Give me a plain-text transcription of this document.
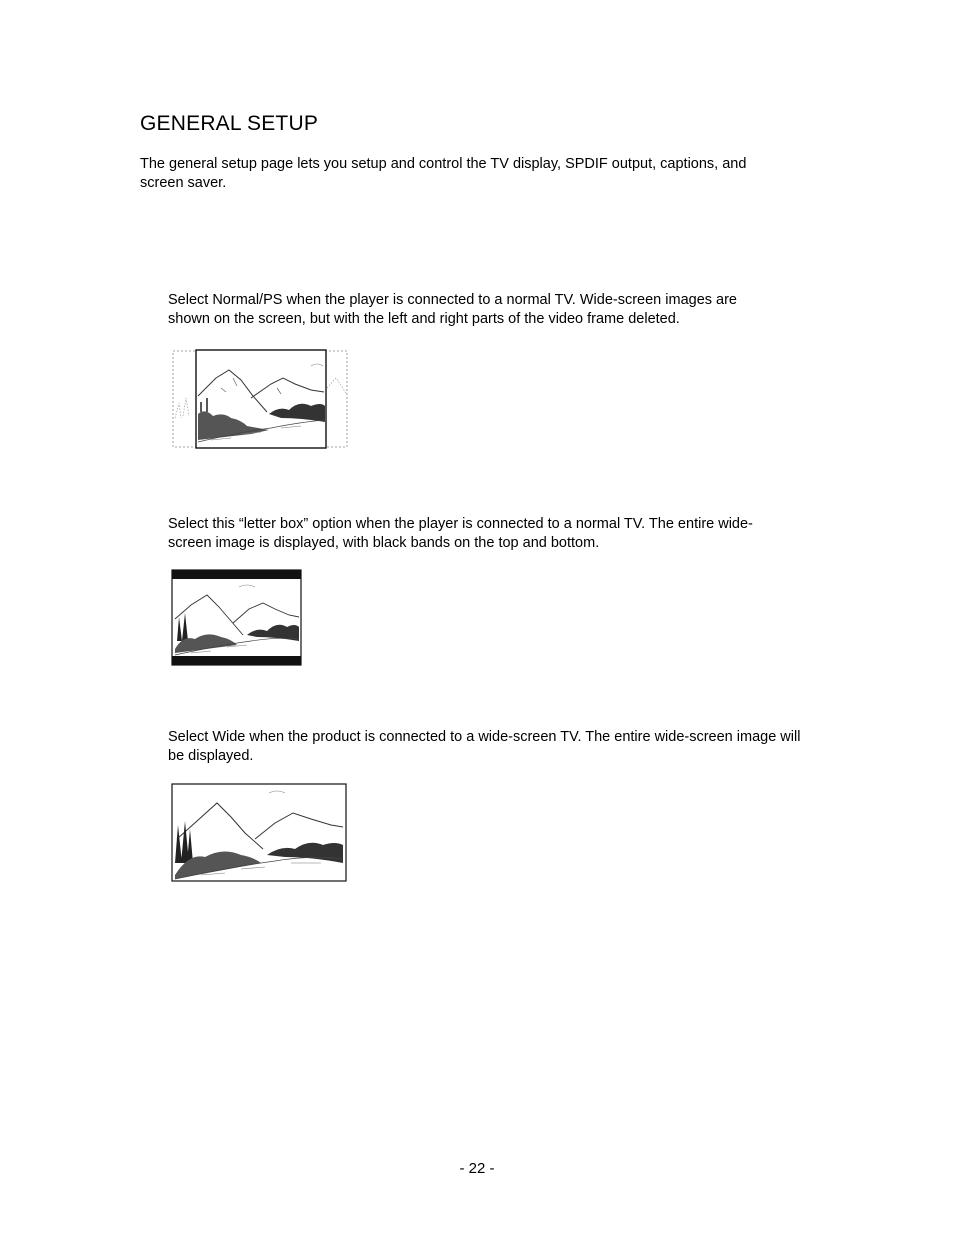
GENERAL SETUP

The general setup page lets you setup and control the TV display, SPDIF output, captions, and screen saver.

Select Normal/PS when the player is connected to a normal TV. Wide-screen images are shown on the screen, but with the left and right parts of the video frame deleted.

Select this “letter box” option when the player is connected to a normal TV. The entire wide-screen image is displayed, with black bands on the top and bottom.

Select Wide when the product is connected to a wide-screen TV. The entire wide-screen image will be displayed.

- 22 -
